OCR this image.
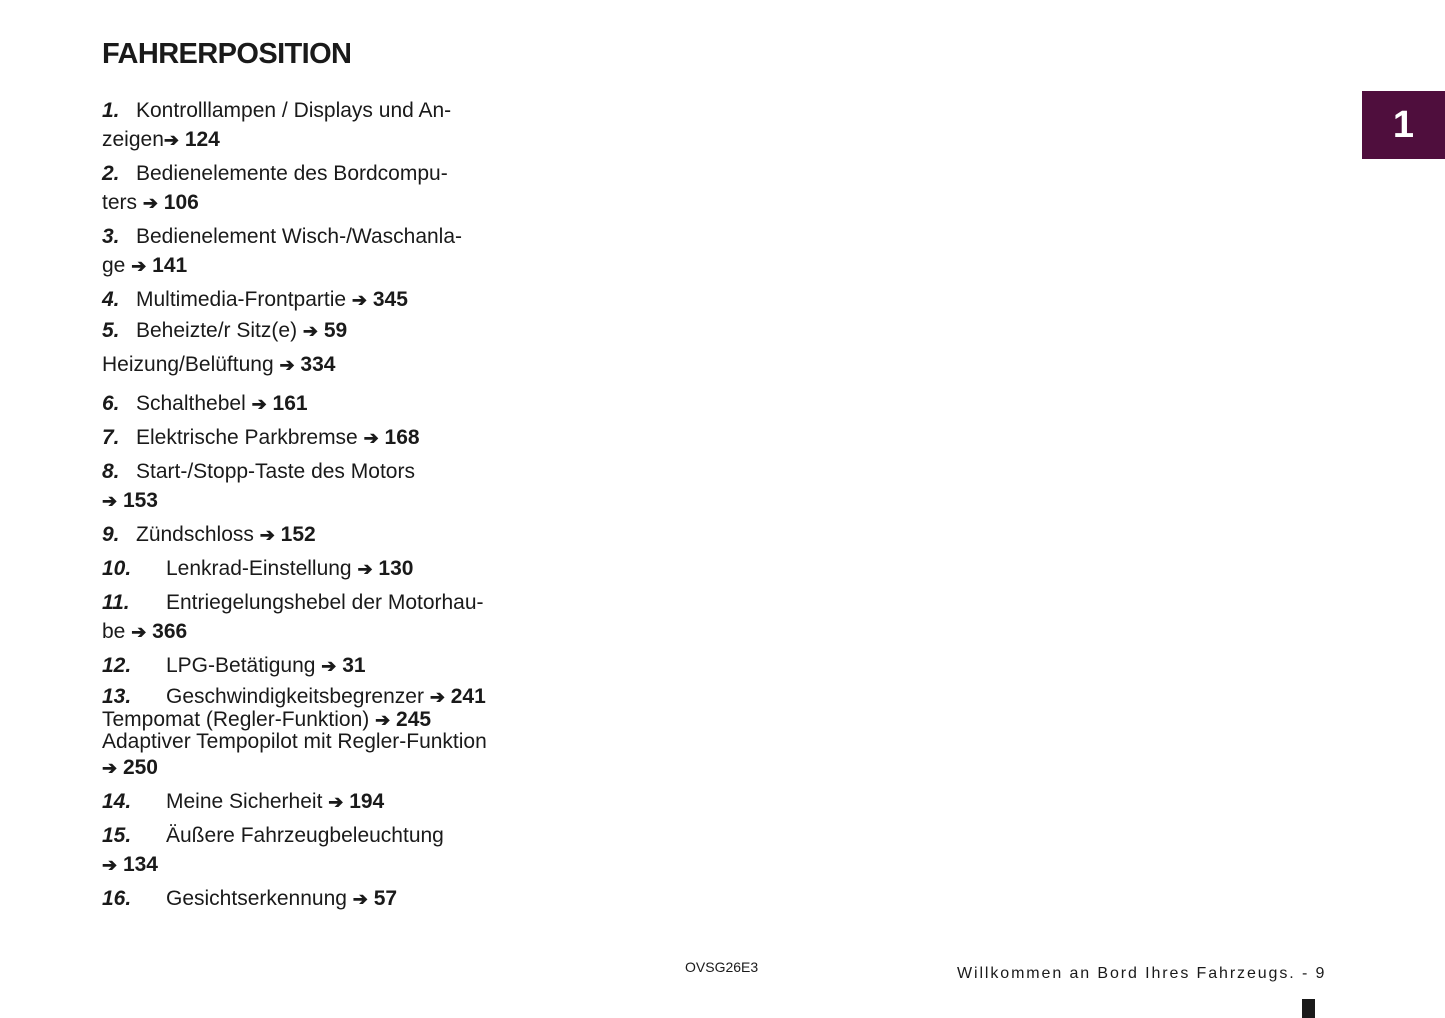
FAHRERPOSITION
1. Kontrolllampen / Displays und An-
zeigen➔ 124
2. Bedienelemente des Bordcompu-
ters ➔ 106
3. Bedienelement Wisch-/Waschanla-
ge ➔ 141
4. Multimedia-Frontpartie ➔ 345
5. Beheizte/r Sitz(e) ➔ 59
Heizung/Belüftung ➔ 334
6. Schalthebel ➔ 161
7. Elektrische Parkbremse ➔ 168
8. Start-/Stopp-Taste des Motors
➔ 153
9. Zündschloss ➔ 152
10. Lenkrad-Einstellung ➔ 130
11. Entriegelungshebel der Motorhau-
be ➔ 366
12. LPG-Betätigung ➔ 31
13. Geschwindigkeitsbegrenzer ➔ 241
Tempomat (Regler-Funktion) ➔ 245
Adaptiver Tempopilot mit Regler-Funktion
➔ 250
14. Meine Sicherheit ➔ 194
15. Äußere Fahrzeugbeleuchtung
➔ 134
16. Gesichtserkennung ➔ 57
1
OVSG26E3	Willkommen an Bord Ihres Fahrzeugs. - 9
